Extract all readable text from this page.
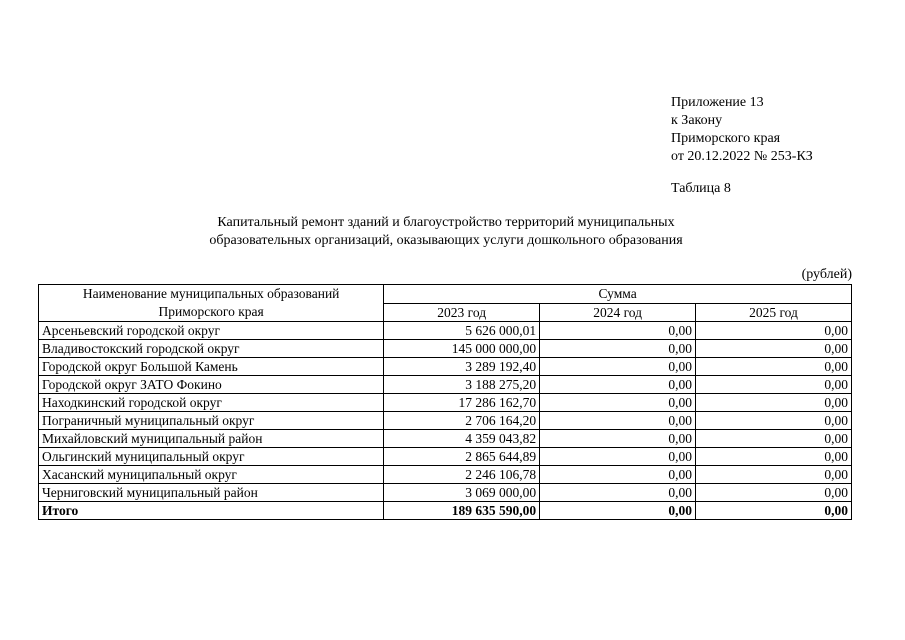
Приложение 13
к Закону
Приморского края
от 20.12.2022 № 253-КЗ
Таблица 8
Капитальный ремонт зданий и благоустройство территорий муниципальных
образовательных организаций, оказывающих услуги дошкольного образования
(рублей)
Наименование муниципальных образований
Приморского края	Сумма		
	2023 год	2024 год	2025 год
Арсеньевский городской округ	5 626 000,01	0,00	0,00
Владивостокский городской округ	145 000 000,00	0,00	0,00
Городской округ Большой Камень	3 289 192,40	0,00	0,00
Городской округ ЗАТО Фокино	3 188 275,20	0,00	0,00
Находкинский городской округ	17 286 162,70	0,00	0,00
Пограничный муниципальный округ	2 706 164,20	0,00	0,00
Михайловский муниципальный район	4 359 043,82	0,00	0,00
Ольгинский муниципальный округ	2 865 644,89	0,00	0,00
Хасанский муниципальный округ	2 246 106,78	0,00	0,00
Черниговский муниципальный район	3 069 000,00	0,00	0,00
Итого	189 635 590,00	0,00	0,00
